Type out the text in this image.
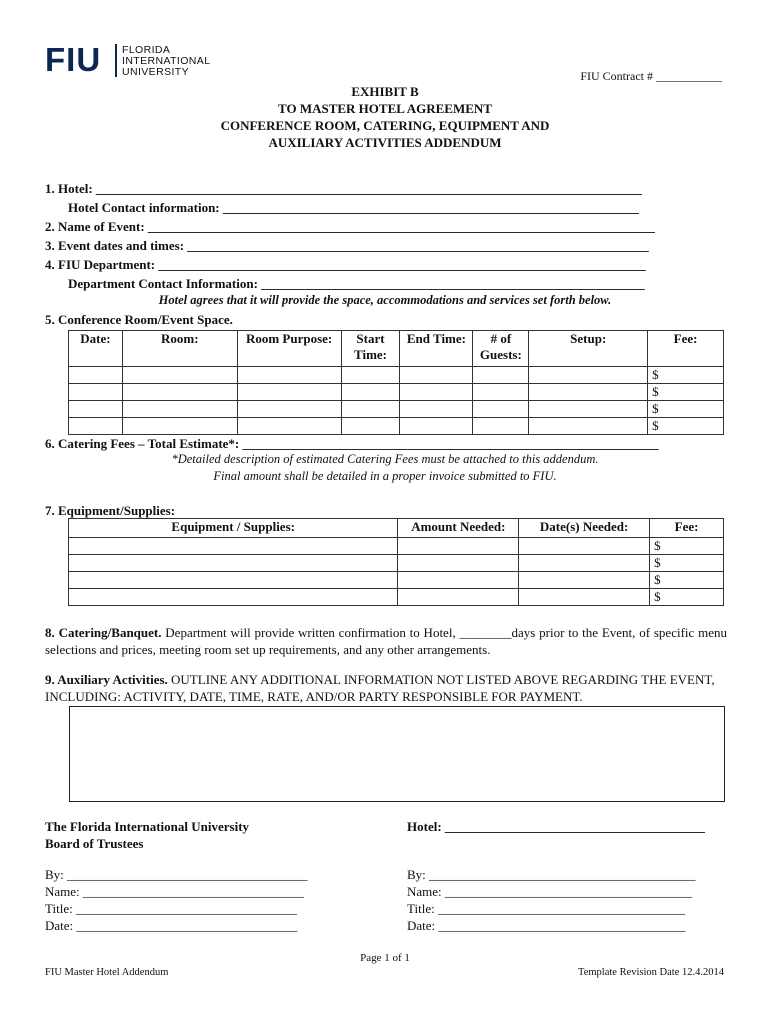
FIU FLORIDA
INTERNATIONAL
UNIVERSITY	FIU Contract # ___________
EXHIBIT B
TO MASTER HOTEL AGREEMENT
CONFERENCE ROOM, CATERING, EQUIPMENT AND
AUXILIARY ACTIVITIES ADDENDUM
1. Hotel: ____________________________________________________________________________________
Hotel Contact information: ________________________________________________________________
2. Name of Event: ______________________________________________________________________________
3. Event dates and times: _______________________________________________________________________
4. FIU Department: ___________________________________________________________________________
Department Contact Information: ___________________________________________________________
Hotel agrees that it will provide the space, accommodations and services set forth below.
5. Conference Room/Event Space.
Date:	Room:	Room Purpose:	Start Time:	End Time:	# of Guests:	Setup:	Fee:
							$
							$
							$
							$
6. Catering Fees – Total Estimate*: ________________________________________________________________
*Detailed description of estimated Catering Fees must be attached to this addendum.
Final amount shall be detailed in a proper invoice submitted to FIU.
7. Equipment/Supplies:
Equipment / Supplies:	Amount Needed:	Date(s) Needed:	Fee:
			$
			$
			$
			$
8. Catering/Banquet. Department will provide written confirmation to Hotel, ________days prior to the Event, of specific menu selections and prices, meeting room set up requirements, and any other arrangements.
9. Auxiliary Activities. OUTLINE ANY ADDITIONAL INFORMATION NOT LISTED ABOVE REGARDING THE EVENT, INCLUDING: ACTIVITY, DATE, TIME, RATE, AND/OR PARTY RESPONSIBLE FOR PAYMENT.
The Florida International University
Board of Trustees
Hotel: ________________________________________
By: _____________________________________
Name: __________________________________
Title: __________________________________
Date: __________________________________
By: _________________________________________
Name: ______________________________________
Title: ______________________________________
Date: ______________________________________
Page 1 of 1
FIU Master Hotel Addendum	Template Revision Date 12.4.2014
